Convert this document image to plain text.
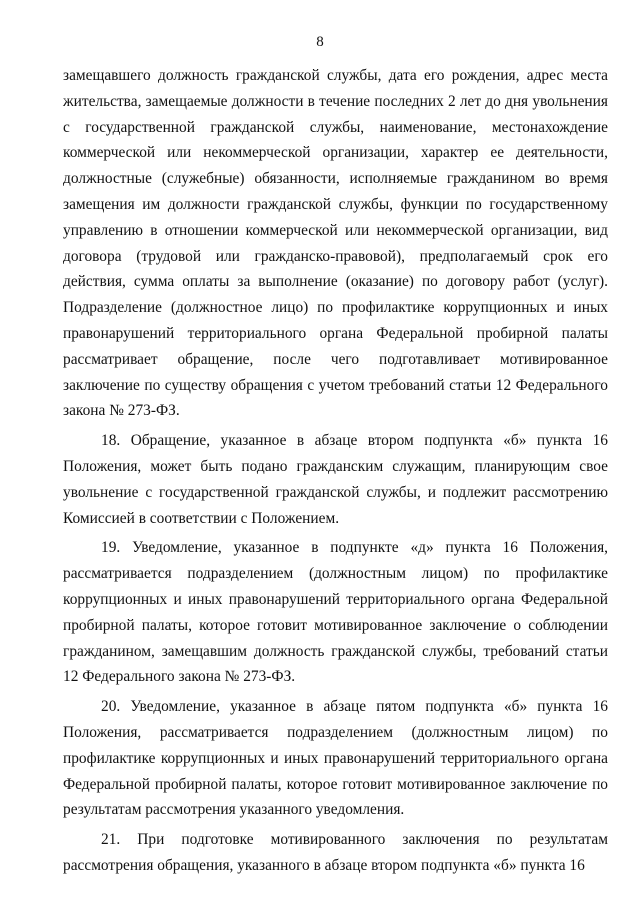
8

замещавшего должность гражданской службы, дата его рождения, адрес места жительства, замещаемые должности в течение последних 2 лет до дня увольнения с государственной гражданской службы, наименование, местонахождение коммерческой или некоммерческой организации, характер ее деятельности, должностные (служебные) обязанности, исполняемые гражданином во время замещения им должности гражданской службы, функции по государственному управлению в отношении коммерческой или некоммерческой организации, вид договора (трудовой или гражданско-правовой), предполагаемый срок его действия, сумма оплаты за выполнение (оказание) по договору работ (услуг). Подразделение (должностное лицо) по профилактике коррупционных и иных правонарушений территориального органа Федеральной пробирной палаты рассматривает обращение, после чего подготавливает мотивированное заключение по существу обращения с учетом требований статьи 12 Федерального закона № 273-ФЗ.

18. Обращение, указанное в абзаце втором подпункта «б» пункта 16 Положения, может быть подано гражданским служащим, планирующим свое увольнение с государственной гражданской службы, и подлежит рассмотрению Комиссией в соответствии с Положением.

19. Уведомление, указанное в подпункте «д» пункта 16 Положения, рассматривается подразделением (должностным лицом) по профилактике коррупционных и иных правонарушений территориального органа Федеральной пробирной палаты, которое готовит мотивированное заключение о соблюдении гражданином, замещавшим должность гражданской службы, требований статьи 12 Федерального закона № 273-ФЗ.

20. Уведомление, указанное в абзаце пятом подпункта «б» пункта 16 Положения, рассматривается подразделением (должностным лицом) по профилактике коррупционных и иных правонарушений территориального органа Федеральной пробирной палаты, которое готовит мотивированное заключение по результатам рассмотрения указанного уведомления.

21. При подготовке мотивированного заключения по результатам рассмотрения обращения, указанного в абзаце втором подпункта «б» пункта 16
